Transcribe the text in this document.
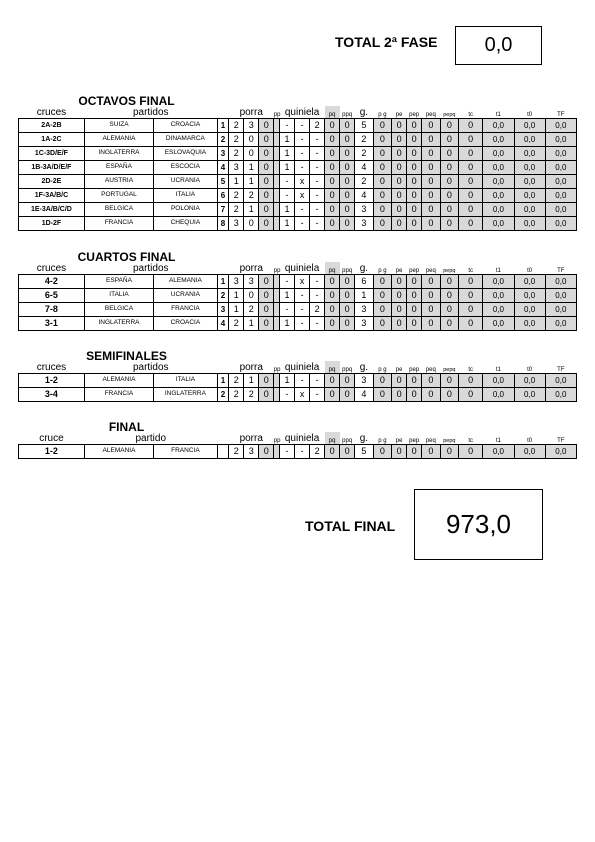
TOTAL 2ª FASE	0,0
OCTAVOS FINAL
cruces	partidos			porra			pp	quiniela			pq	ppq	g.	p g	pe	pep	peq	pepq	tc	t1	t0	TF
2A-2B	SUIZA	CROACIA	1	2	3	0		-	-	2	0	0	5	0	0	0	0	0	0	0,0	0,0	0,0
1A-2C	ALEMANIA	DINAMARCA	2	2	0	0		1	-	-	0	0	2	0	0	0	0	0	0	0,0	0,0	0,0
1C-3D/E/F	INGLATERRA	ESLOVAQUIA	3	2	0	0		1	-	-	0	0	2	0	0	0	0	0	0	0,0	0,0	0,0
1B-3A/D/E/F	ESPAÑA	ESCOCIA	4	3	1	0		1	-	-	0	0	4	0	0	0	0	0	0	0,0	0,0	0,0
2D-2E	AUSTRIA	UCRANIA	5	1	1	0		-	x	-	0	0	2	0	0	0	0	0	0	0,0	0,0	0,0
1F-3A/B/C	PORTUGAL	ITALIA	6	2	2	0		-	x	-	0	0	4	0	0	0	0	0	0	0,0	0,0	0,0
1E-3A/B/C/D	BELGICA	POLONIA	7	2	1	0		1	-	-	0	0	3	0	0	0	0	0	0	0,0	0,0	0,0
1D-2F	FRANCIA	CHEQUIA	8	3	0	0		1	-	-	0	0	3	0	0	0	0	0	0	0,0	0,0	0,0
CUARTOS FINAL
cruces	partidos			porra			pp	quiniela			pq	ppq	g.	p g	pe	pep	peq	pepq	tc	t1	t0	TF
4-2	ESPAÑA	ALEMANIA	1	3	3	0		-	x	-	0	0	6	0	0	0	0	0	0	0,0	0,0	0,0
6-5	ITALIA	UCRANIA	2	1	0	0		1	-	-	0	0	1	0	0	0	0	0	0	0,0	0,0	0,0
7-8	BELGICA	FRANCIA	3	1	2	0		-	-	2	0	0	3	0	0	0	0	0	0	0,0	0,0	0,0
3-1	INGLATERRA	CROACIA	4	2	1	0		1	-	-	0	0	3	0	0	0	0	0	0	0,0	0,0	0,0
SEMIFINALES
cruces	partidos			porra			pp	quiniela			pq	ppq	g.	p g	pe	pep	peq	pepq	tc	t1	t0	TF
1-2	ALEMANIA	ITALIA	1	2	1	0		1	-	-	0	0	3	0	0	0	0	0	0	0,0	0,0	0,0
3-4	FRANCIA	INGLATERRA	2	2	2	0		-	x	-	0	0	4	0	0	0	0	0	0	0,0	0,0	0,0
FINAL
cruce	partido			porra			pp	quiniela			pq	ppq	g.	p g	pe	pep	peq	pepq	tc	t1	t0	TF
1-2	ALEMANIA	FRANCIA		2	3	0		-	-	2	0	0	5	0	0	0	0	0	0	0,0	0,0	0,0
TOTAL FINAL	973,0
